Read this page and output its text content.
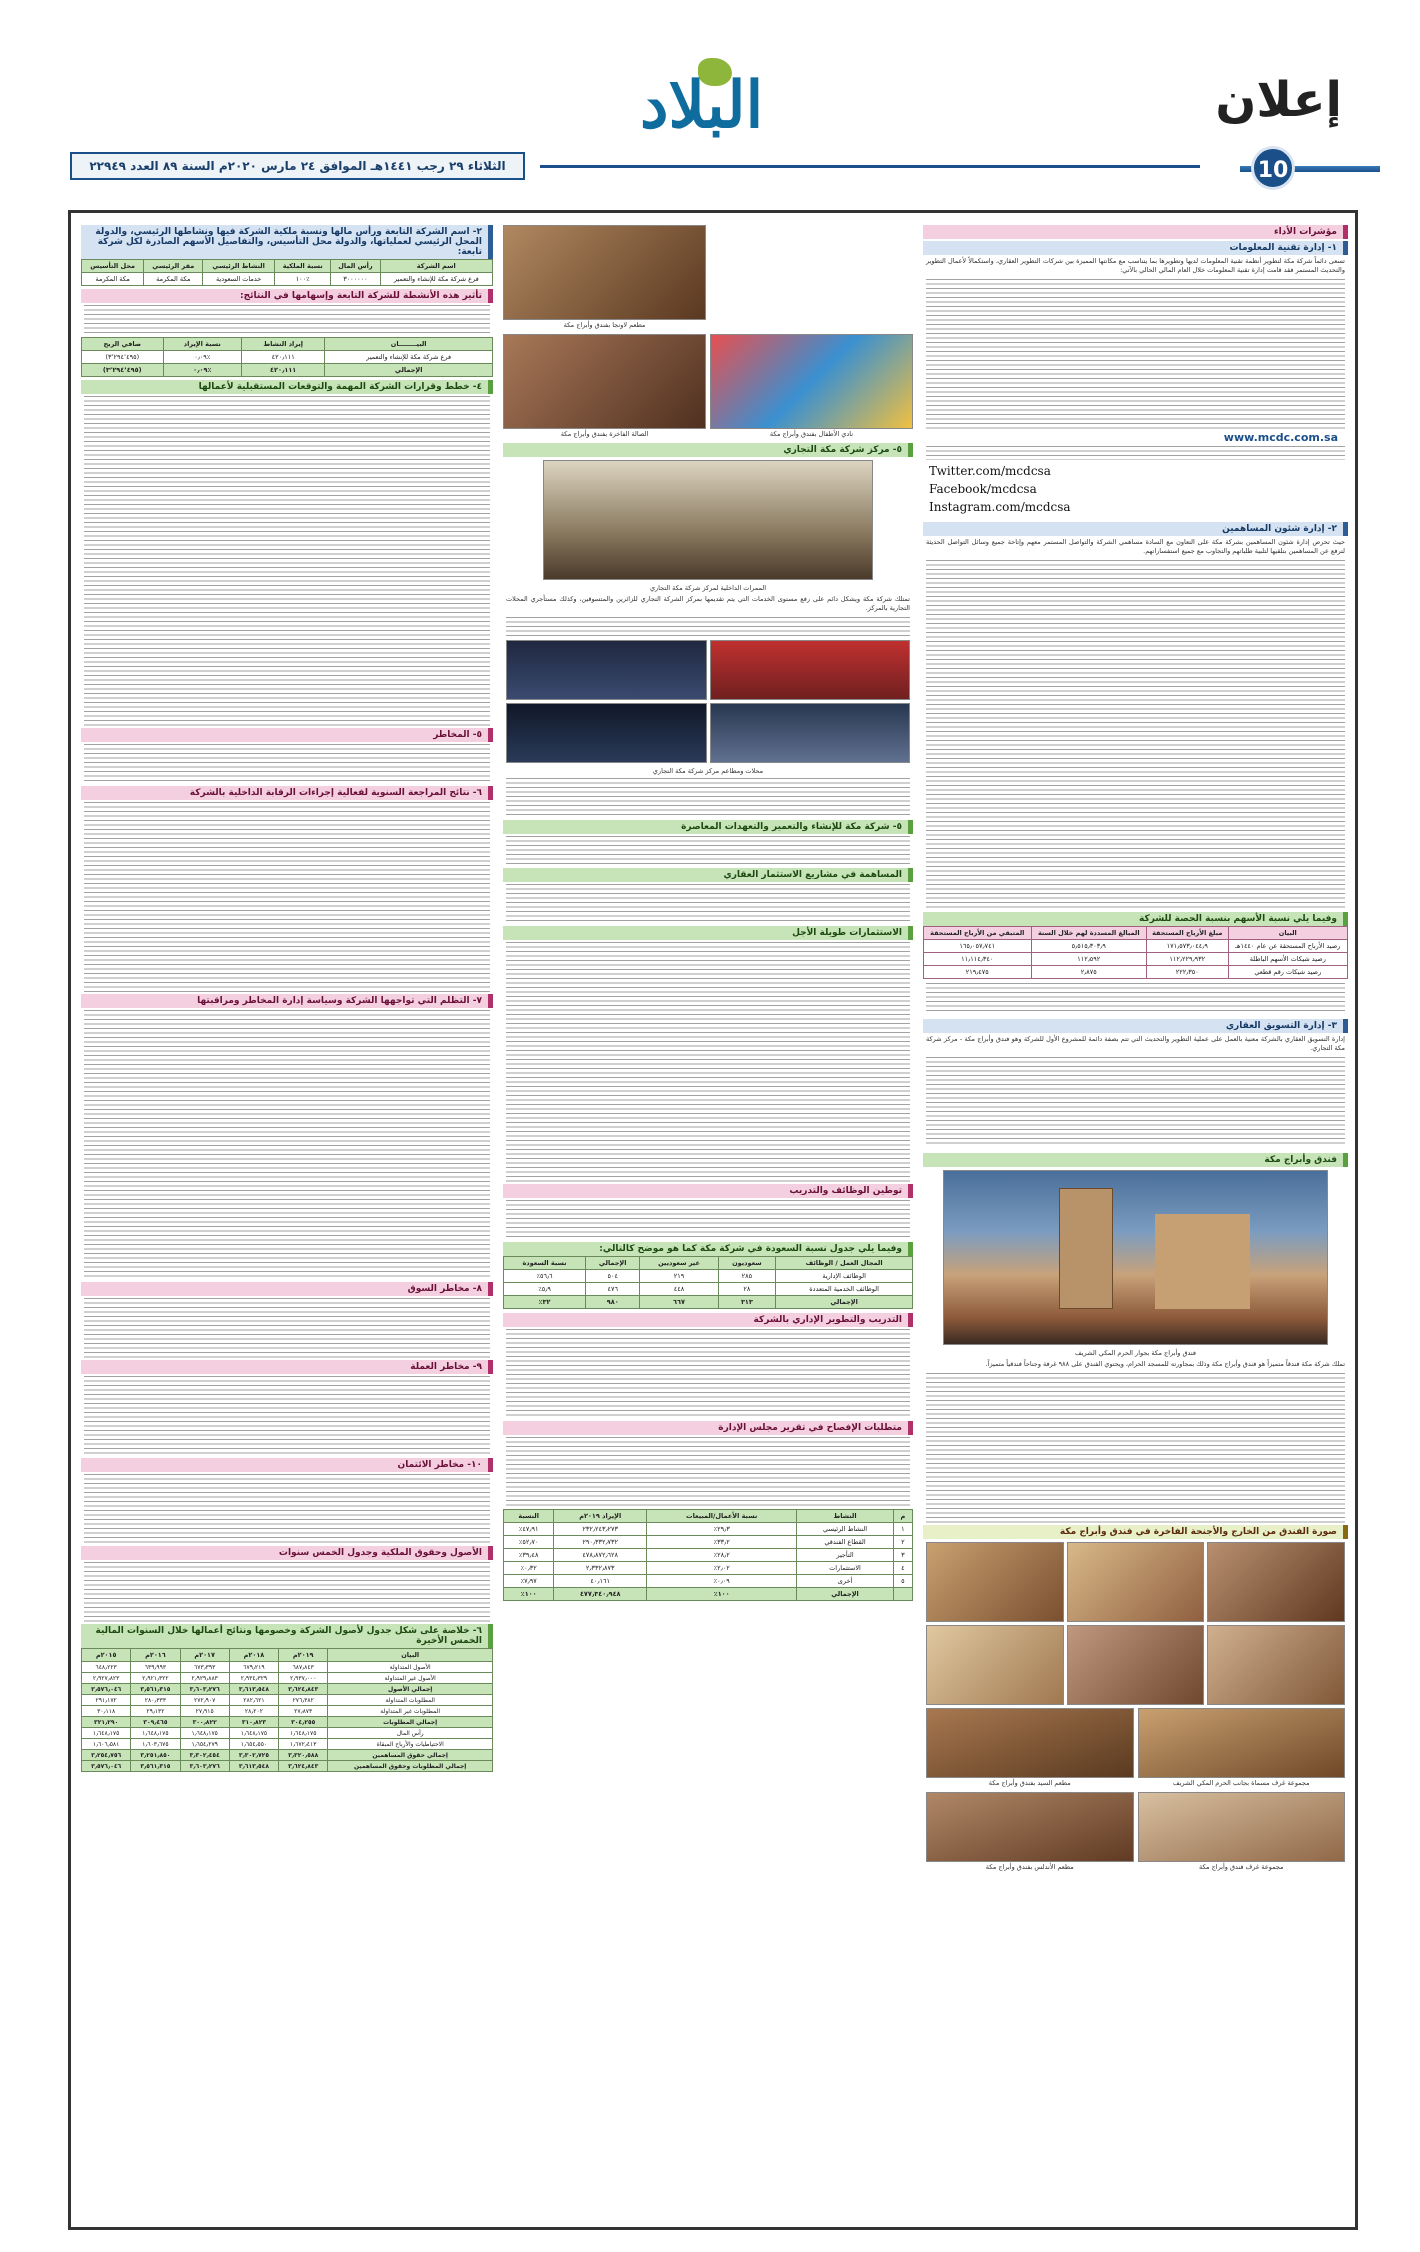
إعلان
10
البلاد
الثلاثاء ٢٩ رجب ١٤٤١هـ الموافق ٢٤ مارس ٢٠٢٠م السنة ٨٩ العدد ٢٢٩٤٩
مؤشرات الأداء
١- إدارة تقنية المعلومات
تسعى دائماً شركة مكة لتطوير أنظمة تقنية المعلومات لديها وتطويرها بما يتناسب مع مكانتها المميزة بين شركات التطوير العقاري، واستكمالاً لأعمال التطوير والتحديث المستمر فقد قامت إدارة تقنية المعلومات خلال العام المالي الحالي بالآتي:
www.mcdc.com.sa
Twitter.com/mcdcsa
Facebook/mcdcsa
Instagram.com/mcdcsa
٢- إدارة شئون المساهمين
حيث تحرص إدارة شئون المساهمين بشركة مكة على التعاون مع السادة مساهمي الشركة والتواصل المستمر معهم وإتاحة جميع وسائل التواصل الحديثة لترفع عن المساهمين بتلقيها لتلبية طلباتهم والتجاوب مع جميع استفساراتهم.
وفيما يلي نسبة الأسهم بنسبة الحصة للشركة
البيان	مبلغ الأرباح المستحقة	المبالغ المسددة لهم خلال السنة	المتبقي من الأرباح المستحقة
رصيد الأرباح المستحقة عن عام ١٤٤٠هـ	١٧١٫٥٧٣٫٠٤٤٫٩	٥٫٥١٥٫٣٠٣٫٩	١٦٥٫٠٥٧٫٧٤١
رصيد شيكات الأسهم الباطلة	١١٢٫٢٢٩٫٩٣٢	١١٢٫٥٩٢	١١٫١١٤٫٣٤٠
رصيد شيكات رقم قطعي	٢٢٢٫٣٥٠	٢٫٨٧٥	٢١٩٫٤٧٥
٣- إدارة التسويق العقاري
إدارة التسويق العقاري بالشركة معنية بالعمل على عملية التطوير والتحديث التي تتم بصفة دائمة للمشروع الأول للشركة وهو فندق وأبراج مكة - مركز شركة مكة التجاري.
فندق وأبراج مكة
فندق وأبراج مكة بجوار الحرم المكي الشريف
تملك شركة مكة فندقاً متميزاً هو فندق وأبراج مكة وذلك بمجاورته للمسجد الحرام، ويحتوي الفندق على ٩٨٨ غرفة وجناحاً فندقياً متميزاً.
صورة الفندق من الخارج والأجنحة الفاخرة في فندق وأبراج مكة
مطعم السيد بفندق وأبراج مكة	مجموعة غرف مسماة بجانب الحرم المكي الشريف
مطعم الأندلس بفندق وأبراج مكة	مجموعة غرف فندق وأبراج مكة
مطعم لاونجا بفندق وأبراج مكة
الصالة الفاخرة بفندق وأبراج مكة	نادي الأطفال بفندق وأبراج مكة
٥- مركز شركة مكة التجاري
الممرات الداخلية لمركز شركة مكة التجاري
تمتلك شركة مكة ويشكل دائم على رفع مستوى الخدمات التي يتم تقديمها بمركز الشركة التجاري للزائرين والمتسوقين، وكذلك مستأجري المحلات التجارية بالمركز.
محلات ومطاعم مركز شركة مكة التجاري
٥- شركة مكة للإنشاء والتعمير والتعهدات المعاصرة
المساهمة في مشاريع الاستثمار العقاري
الاستثمارات طويلة الأجل
توطين الوظائف والتدريب
وفيما يلي جدول نسبة السعودة في شركة مكة كما هو موضح كالتالي:
المجال العمل / الوظائف	سعوديون	غير سعوديين	الإجمالي	نسبة السعودة
الوظائف الإدارية	٢٨٥	٢١٩	٥٠٤	٥٦٫٦٪
الوظائف الخدمية المتعددة	٢٨	٤٤٨	٤٧٦	٥٫٩٪
الإجمالي	٣١٣	٦٦٧	٩٨٠	٣٢٪
التدريب والتطوير الإداري بالشركة
متطلبات الإفصاح في تقرير مجلس الإدارة
م	النشاط	نسبة الأعمال/المبيعات	الإيراد ٢٠١٩م	النسبة
١	النشاط الرئيسي	٢٩٫٣٪	٢٣٢٫٢٤٣٫٢٧٣	٤٧٫٩١٪
٢	القطاع الفندقي	٣٣٫٢٪	٢٩٠٫٣٣٢٫٧٣٢	٥٢٫٧٠٪
٣	التأجير	٢٨٫٢٪	٤٧٨٫٨٧٢٫٦٢٨	٣٩٫٤٨٪
٤	الاستثمارات	٢٫٠٢٪	٢٫٣٣٢٫٨٧٣	٠٫٣٢٪
٥	أخرى	٠٫٠٩٪	٤٠٫١٦١	٧٫٩٧٪
	الإجمالي	١٠٠٪	٤٧٧٫٣٤٠٫٩٤٨	١٠٠٪
٢- اسم الشركة التابعة ورأس مالها ونسبة ملكية الشركة فيها ونشاطها الرئيسي، والدولة المحل الرئيسي لعملياتها، والدولة محل التأسيس، والتفاصيل الأسهم الصادرة لكل شركة تابعة:
اسم الشركة	رأس المال	نسبة الملكية	النشاط الرئيسي	مقر الرئيسي	محل التأسيس
فرع شركة مكة للإنشاء والتعمير	٣٠٠٠٠٠٠	٪١٠٠	خدمات السعودية	مكة المكرمة	مكة المكرمة
تأثير هذه الأنشطة للشركة التابعة وإسهامها في النتائج:
البيــــــــان	إيراد النشاط	نسبة الإيراد	صافي الربح
فرع شركة مكة للإنشاء والتعمير	٤٢٠٫١١١	٪٠٫٠٩	(٣٬٢٩٤٬٤٩٥)
الإجمالي	٤٢٠٫١١١	٪٠٫٠٩	(٣٬٢٩٤٬٤٩٥)
٤- خطط وقرارات الشركة المهمة والتوقعات المستقبلية لأعمالها
٥- المخاطر
٦- نتائج المراجعة السنوية لفعالية إجراءات الرقابة الداخلية بالشركة
٧- التظلم التي تواجهها الشركة وسياسة إدارة المخاطر ومراقبتها
٨- مخاطر السوق
٩- مخاطر العملة
١٠- مخاطر الائتمان
الأصول وحقوق الملكية وجدول الخمس سنوات
٦- خلاصة على شكل جدول لأصول الشركة وخصومها ونتائج أعمالها خلال السنوات المالية الخمس الأخيرة
البيان	٢٠١٩م	٢٠١٨م	٢٠١٧م	٢٠١٦م	٢٠١٥م
الأصول المتداولة	٦٨٧٫٨٤٣	٦٧٩٫٢١٩	٦٧٣٫٣٩٣	٦٣٩٫٩٩٣	٦٤٨٫٢٢٣
الأصول غير المتداولة	٢٫٩٣٧٫٠٠٠	٢٫٩٣٤٫٣٢٩	٢٫٩٢٩٫٨٨٣	٢٫٩٢١٫٣٢٢	٢٫٩٢٧٫٨٢٣
إجمالي الأصول	٣٫٦٢٤٫٨٤٣	٣٫٦١٣٫٥٤٨	٣٫٦٠٣٫٢٧٦	٣٫٥٦١٫٣١٥	٣٫٥٧٦٫٠٤٦
المطلوبات المتداولة	٢٧٦٫٣٨٢	٢٨٢٫٦٢١	٢٧٢٫٩٠٧	٢٨٠٫٣٣٣	٢٩١٫١٧٢
المطلوبات غير المتداولة	٢٧٫٨٧٣	٢٨٫٢٠٢	٢٧٫٩١٥	٢٩٫١٣٢	٣٠٫١١٨
إجمالي المطلوبات	٣٠٤٫٢٥٥	٣١٠٫٨٢٣	٣٠٠٫٨٢٢	٣٠٩٫٤٦٥	٣٢١٫٢٩٠
رأس المال	١٫٦٤٨٫١٧٥	١٫٦٤٨٫١٧٥	١٫٦٤٨٫١٧٥	١٫٦٤٨٫١٧٥	١٫٦٤٨٫١٧٥
الاحتياطيات والأرباح المبقاة	١٫٦٧٢٫٤١٣	١٫٦٥٤٫٥٥٠	١٫٦٥٤٫٢٧٩	١٫٦٠٣٫٦٧٥	١٫٦٠٦٫٥٨١
إجمالي حقوق المساهمين	٣٫٣٢٠٫٥٨٨	٣٫٣٠٢٫٧٢٥	٣٫٣٠٢٫٤٥٤	٣٫٢٥١٫٨٥٠	٣٫٢٥٤٫٧٥٦
إجمالي المطلوبات وحقوق المساهمين	٣٫٦٢٤٫٨٤٣	٣٫٦١٣٫٥٤٨	٣٫٦٠٣٫٢٧٦	٣٫٥٦١٫٣١٥	٣٫٥٧٦٫٠٤٦
